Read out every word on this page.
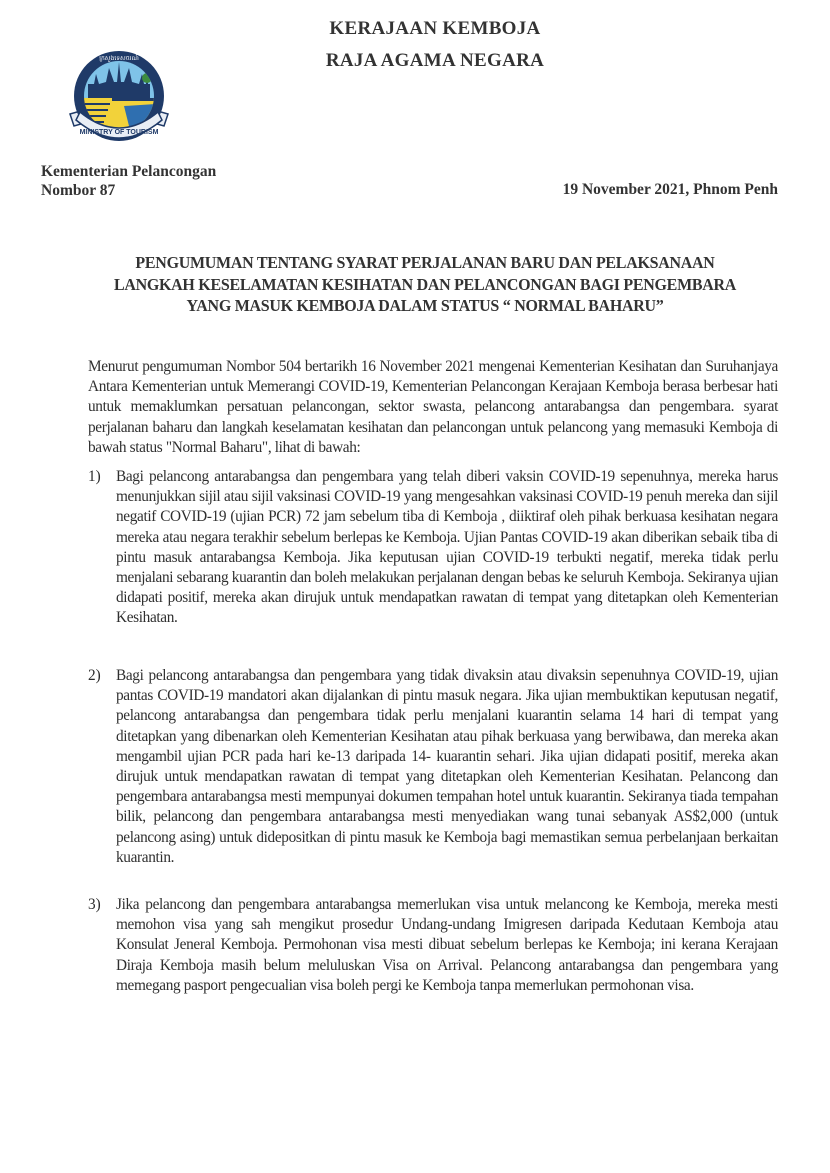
MINISTRY OF TOURISM
ក្រសួងទេសចរណ៍
KERAJAAN KEMBOJA
RAJA AGAMA NEGARA
Kementerian Pelancongan
Nombor 87	19 November 2021, Phnom Penh
PENGUMUMAN TENTANG SYARAT PERJALANAN BARU DAN PELAKSANAAN LANGKAH KESELAMATAN KESIHATAN DAN PELANCONGAN BAGI PENGEMBARA YANG MASUK KEMBOJA DALAM STATUS “ NORMAL BAHARU”
Menurut pengumuman Nombor 504 bertarikh 16 November 2021 mengenai Kementerian Kesihatan dan Suruhanjaya Antara Kementerian untuk Memerangi COVID-19, Kementerian Pelancongan Kerajaan Kemboja berasa berbesar hati untuk memaklumkan persatuan pelancongan, sektor swasta, pelancong antarabangsa dan pengembara. syarat perjalanan baharu dan langkah keselamatan kesihatan dan pelancongan untuk pelancong yang memasuki Kemboja di bawah status "Normal Baharu", lihat di bawah:
1) Bagi pelancong antarabangsa dan pengembara yang telah diberi vaksin COVID-19 sepenuhnya, mereka harus menunjukkan sijil atau sijil vaksinasi COVID-19 yang mengesahkan vaksinasi COVID-19 penuh mereka dan sijil negatif COVID-19 (ujian PCR) 72 jam sebelum tiba di Kemboja , diiktiraf oleh pihak berkuasa kesihatan negara mereka atau negara terakhir sebelum berlepas ke Kemboja. Ujian Pantas COVID-19 akan diberikan sebaik tiba di pintu masuk antarabangsa Kemboja. Jika keputusan ujian COVID-19 terbukti negatif, mereka tidak perlu menjalani sebarang kuarantin dan boleh melakukan perjalanan dengan bebas ke seluruh Kemboja. Sekiranya ujian didapati positif, mereka akan dirujuk untuk mendapatkan rawatan di tempat yang ditetapkan oleh Kementerian Kesihatan.
2) Bagi pelancong antarabangsa dan pengembara yang tidak divaksin atau divaksin sepenuhnya COVID-19, ujian pantas COVID-19 mandatori akan dijalankan di pintu masuk negara. Jika ujian membuktikan keputusan negatif, pelancong antarabangsa dan pengembara tidak perlu menjalani kuarantin selama 14 hari di tempat yang ditetapkan yang dibenarkan oleh Kementerian Kesihatan atau pihak berkuasa yang berwibawa, dan mereka akan mengambil ujian PCR pada hari ke-13 daripada 14- kuarantin sehari. Jika ujian didapati positif, mereka akan dirujuk untuk mendapatkan rawatan di tempat yang ditetapkan oleh Kementerian Kesihatan. Pelancong dan pengembara antarabangsa mesti mempunyai dokumen tempahan hotel untuk kuarantin. Sekiranya tiada tempahan bilik, pelancong dan pengembara antarabangsa mesti menyediakan wang tunai sebanyak AS$2,000 (untuk pelancong asing) untuk didepositkan di pintu masuk ke Kemboja bagi memastikan semua perbelanjaan berkaitan kuarantin.
3) Jika pelancong dan pengembara antarabangsa memerlukan visa untuk melancong ke Kemboja, mereka mesti memohon visa yang sah mengikut prosedur Undang-undang Imigresen daripada Kedutaan Kemboja atau Konsulat Jeneral Kemboja. Permohonan visa mesti dibuat sebelum berlepas ke Kemboja; ini kerana Kerajaan Diraja Kemboja masih belum meluluskan Visa on Arrival. Pelancong antarabangsa dan pengembara yang memegang pasport pengecualian visa boleh pergi ke Kemboja tanpa memerlukan permohonan visa.
